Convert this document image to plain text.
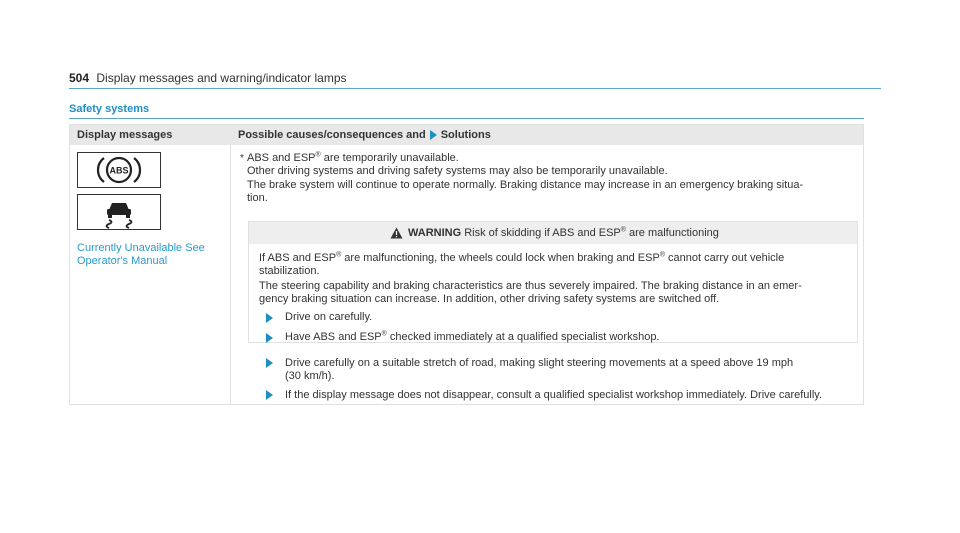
504 Display messages and warning/indicator lamps
Safety systems
Display messages	Possible causes/consequences and Solutions
ABS
Currently Unavailable See
Operator's Manual
* ABS and ESP® are temporarily unavailable.
Other driving systems and driving safety systems may also be temporarily unavailable.
The brake system will continue to operate normally. Braking distance may increase in an emergency braking situa-
tion.
WARNING Risk of skidding if ABS and ESP® are malfunctioning
If ABS and ESP® are malfunctioning, the wheels could lock when braking and ESP® cannot carry out vehicle
stabilization.
The steering capability and braking characteristics are thus severely impaired. The braking distance in an emer-
gency braking situation can increase. In addition, other driving safety systems are switched off.
Drive on carefully.
Have ABS and ESP® checked immediately at a qualified specialist workshop.
Drive carefully on a suitable stretch of road, making slight steering movements at a speed above 19 mph
(30 km/h).
If the display message does not disappear, consult a qualified specialist workshop immediately. Drive carefully.
